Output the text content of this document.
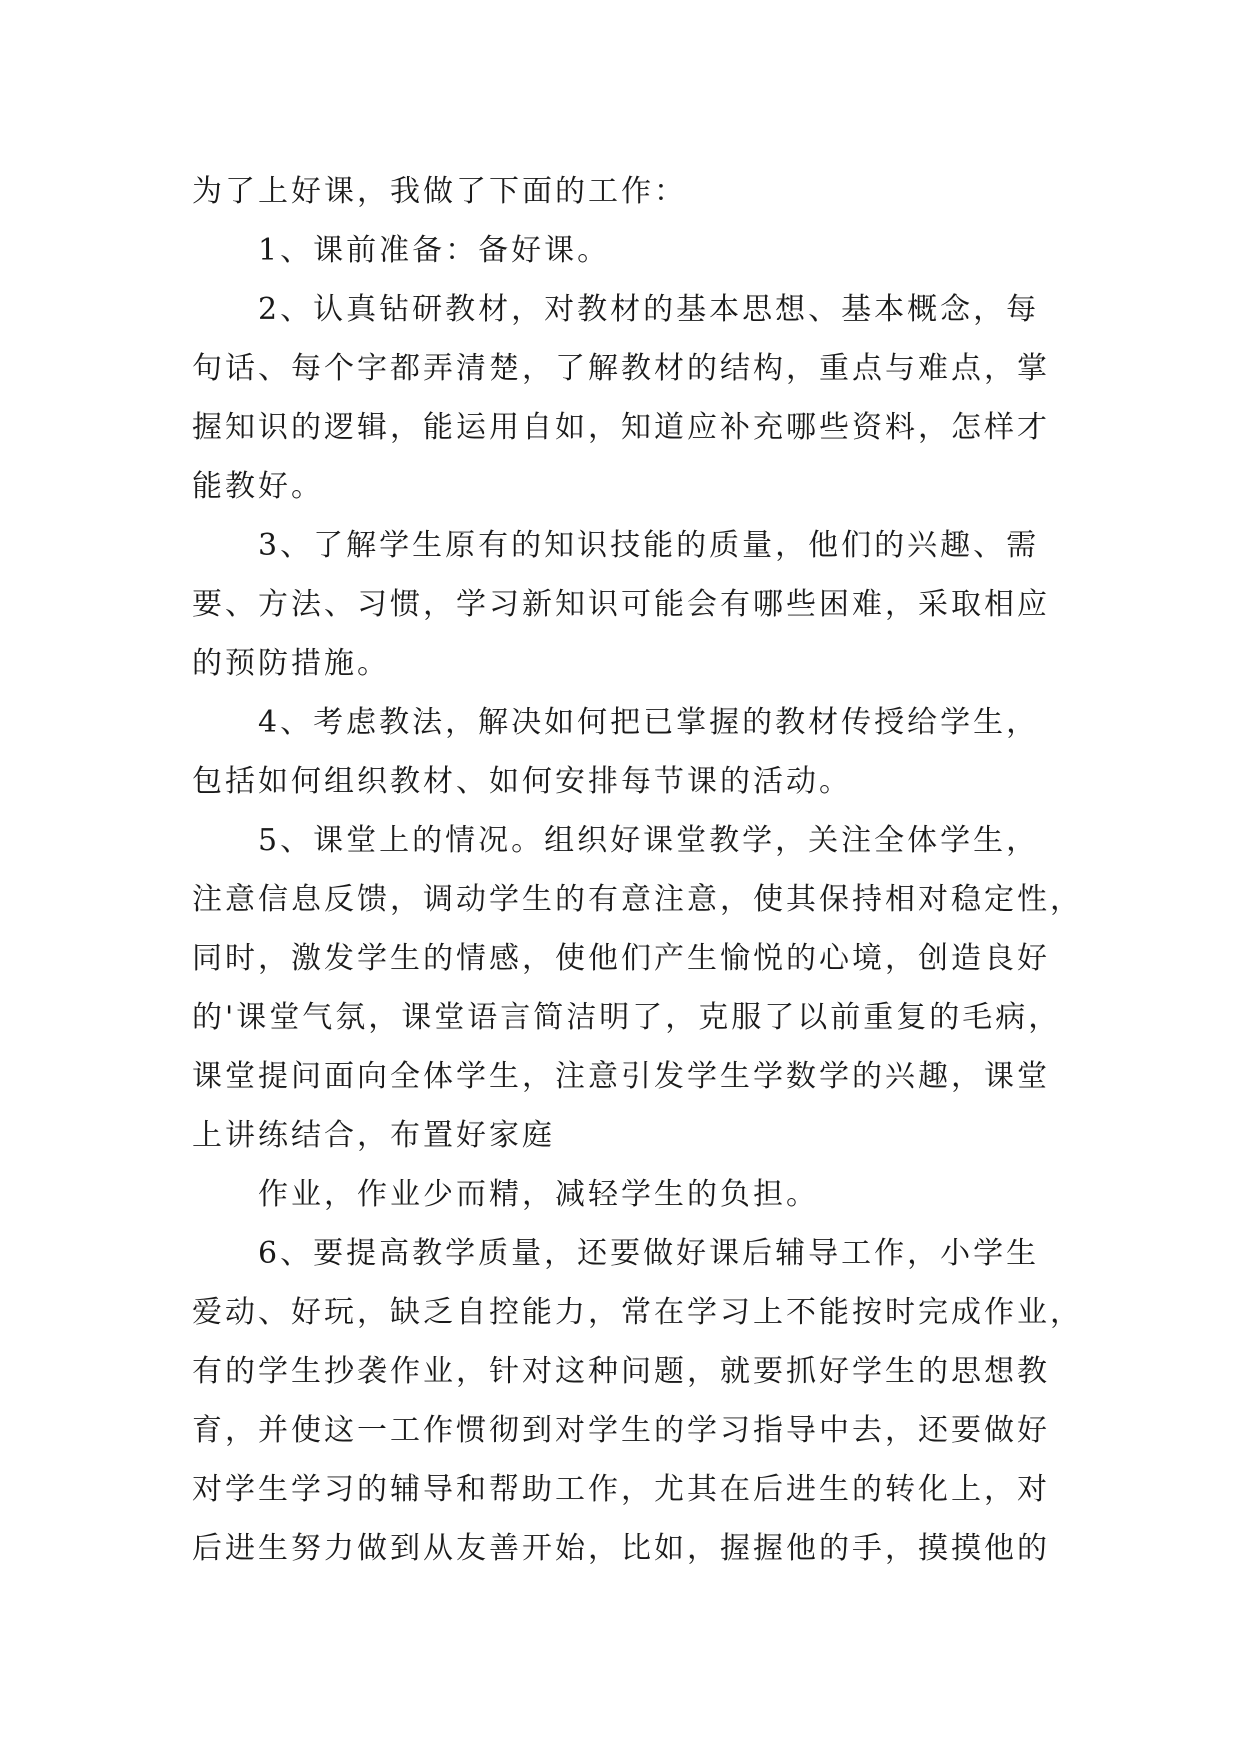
为了上好课，我做了下面的工作：
1、课前准备：备好课。
2、认真钻研教材，对教材的基本思想、基本概念，每
句话、每个字都弄清楚，了解教材的结构，重点与难点，掌
握知识的逻辑，能运用自如，知道应补充哪些资料，怎样才
能教好。
3、了解学生原有的知识技能的质量，他们的兴趣、需
要、方法、习惯，学习新知识可能会有哪些困难，采取相应
的预防措施。
4、考虑教法，解决如何把已掌握的教材传授给学生，
包括如何组织教材、如何安排每节课的活动。
5、课堂上的情况。组织好课堂教学，关注全体学生，
注意信息反馈，调动学生的有意注意，使其保持相对稳定性，
同时，激发学生的情感，使他们产生愉悦的心境，创造良好
的'课堂气氛，课堂语言简洁明了，克服了以前重复的毛病，
课堂提问面向全体学生，注意引发学生学数学的兴趣，课堂
上讲练结合，布置好家庭
作业，作业少而精，减轻学生的负担。
6、要提高教学质量，还要做好课后辅导工作，小学生
爱动、好玩，缺乏自控能力，常在学习上不能按时完成作业，
有的学生抄袭作业，针对这种问题，就要抓好学生的思想教
育，并使这一工作惯彻到对学生的学习指导中去，还要做好
对学生学习的辅导和帮助工作，尤其在后进生的转化上，对
后进生努力做到从友善开始，比如，握握他的手，摸摸他的
